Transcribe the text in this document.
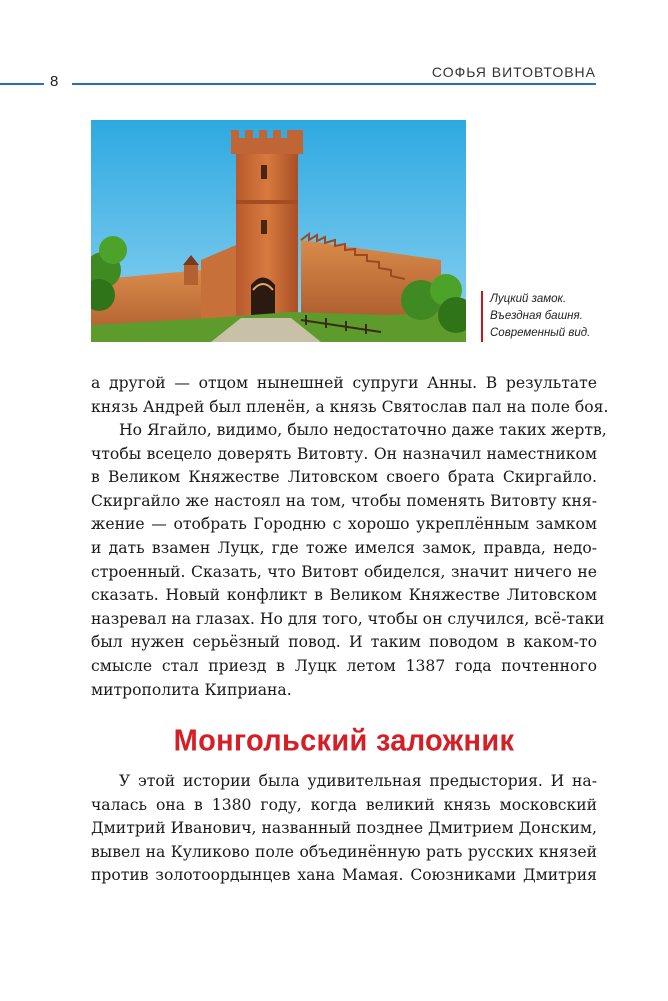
8
СОФЬЯ ВИТОВТОВНА
Луцкий замок.
Въездная башня.
Современный вид.
а другой — отцом нынешней супруги Анны. В результате
князь Андрей был пленён, а князь Святослав пал на поле боя.
Но Ягайло, видимо, было недостаточно даже таких жертв,
чтобы всецело доверять Витовту. Он назначил наместником
в Великом Княжестве Литовском своего брата Скиргайло.
Скиргайло же настоял на том, чтобы поменять Витовту кня-
жение — отобрать Городню с хорошо укреплённым замком
и дать взамен Луцк, где тоже имелся замок, правда, недо-
строенный. Сказать, что Витовт обиделся, значит ничего не
сказать. Новый конфликт в Великом Княжестве Литовском
назревал на глазах. Но для того, чтобы он случился, всё-таки
был нужен серьёзный повод. И таким поводом в каком-то
смысле стал приезд в Луцк летом 1387 года почтенного
митрополита Киприана.
Монгольский заложник
У этой истории была удивительная предыстория. И на-
чалась она в 1380 году, когда великий князь московский
Дмитрий Иванович, названный позднее Дмитрием Донским,
вывел на Куликово поле объединённую рать русских князей
против золотоордынцев хана Мамая. Союзниками Дмитрия
